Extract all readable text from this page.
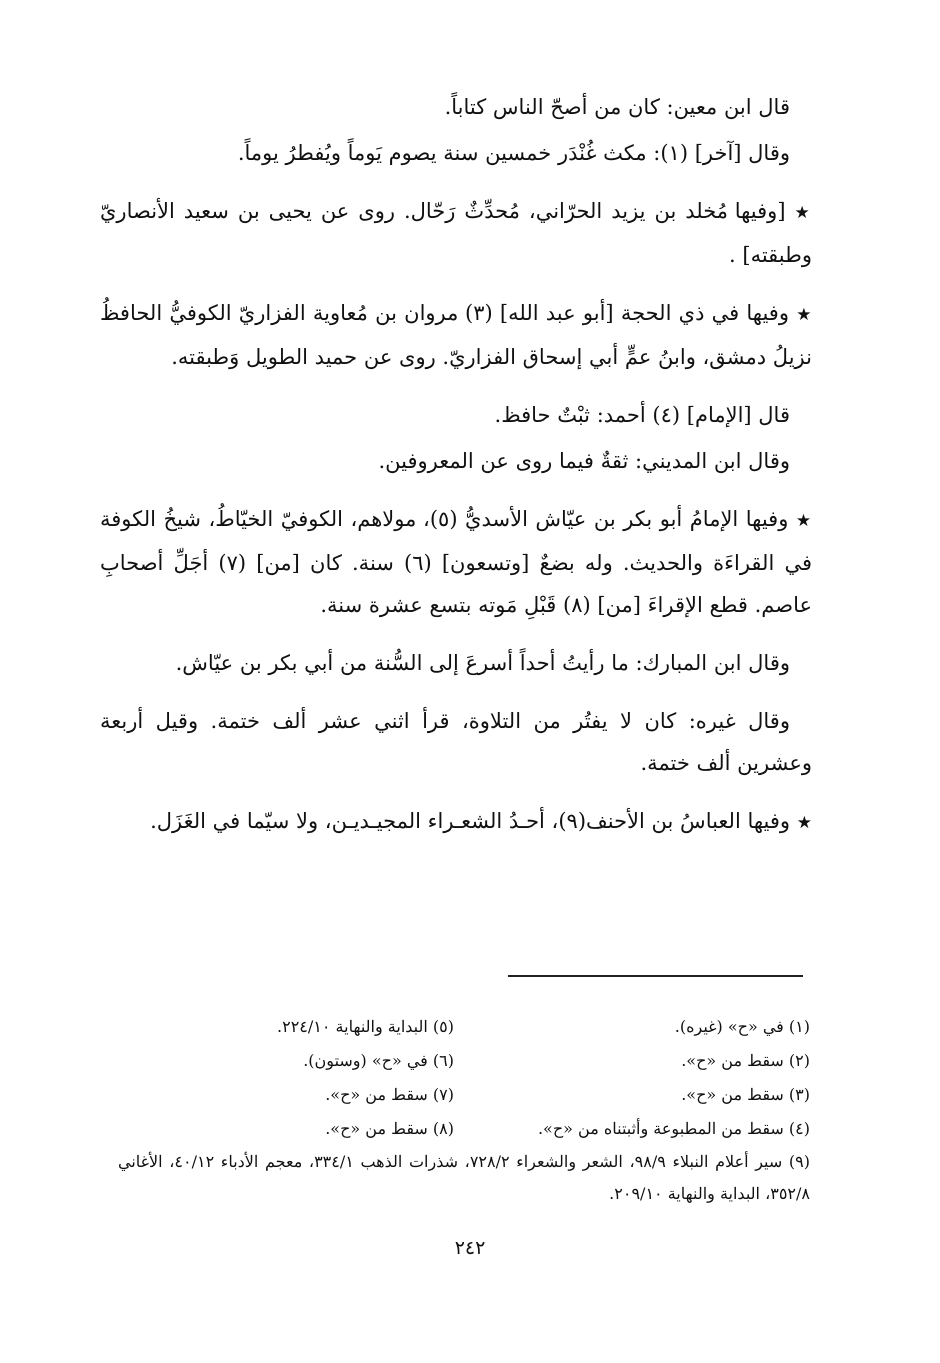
قال ابن معين: كان من أصحّ الناس كتاباً.

وقال [آخر] (١): مكث غُنْدَر خمسين سنة يصوم يَوماً ويُفطرُ يوماً.

★ [وفيها مُخلد بن يزيد الحرّاني، مُحدِّثٌ رَحّال. روى عن يحيى بن سعيد الأنصاريّ وطبقته] .

★ وفيها في ذي الحجة [أبو عبد الله] (٣) مروان بن مُعاوية الفزاريّ الكوفيُّ الحافظُ نزيلُ دمشق، وابنُ عمٍّ أبي إسحاق الفزاريّ. روى عن حميد الطويل وَطبقته.

قال [الإمام] (٤) أحمد: ثبْتٌ حافظ.

وقال ابن المديني: ثقةٌ فيما روى عن المعروفين.

★ وفيها الإمامُ أبو بكر بن عيّاش الأسديُّ (٥)، مولاهم، الكوفيّ الخيّاطُ، شيخُ الكوفة في القراءَة والحديث. وله بضعٌ [وتسعون] (٦) سنة. كان [من] (٧) أجَلِّ أصحابِ عاصم. قطع الإقراءَ [من] (٨) قَبْلِ مَوته بتسع عشرة سنة.

وقال ابن المبارك: ما رأيتُ أحداً أسرعَ إلى السُّنة من أبي بكر بن عيّاش.

وقال غيره: كان لا يفتُر من التلاوة، قرأ اثني عشر ألف ختمة. وقيل أربعة وعشرين ألف ختمة.

★ وفيها العباسُ بن الأحنف(٩)، أحـدُ الشعـراء المجيـديـن، ولا سيّما في الغَزَل.

(١) في «ح» (غيره).
(٢) سقط من «ح».
(٣) سقط من «ح».
(٤) سقط من المطبوعة وأثبتناه من «ح».
(٥) البداية والنهاية ٢٢٤/١٠.
(٦) في «ح» (وستون).
(٧) سقط من «ح».
(٨) سقط من «ح».
(٩) سير أعلام النبلاء ٩٨/٩، الشعر والشعراء ٧٢٨/٢، شذرات الذهب ٣٣٤/١، معجم الأدباء ٤٠/١٢، الأغاني ٣٥٢/٨، البداية والنهاية ٢٠٩/١٠.
٢٤٢
